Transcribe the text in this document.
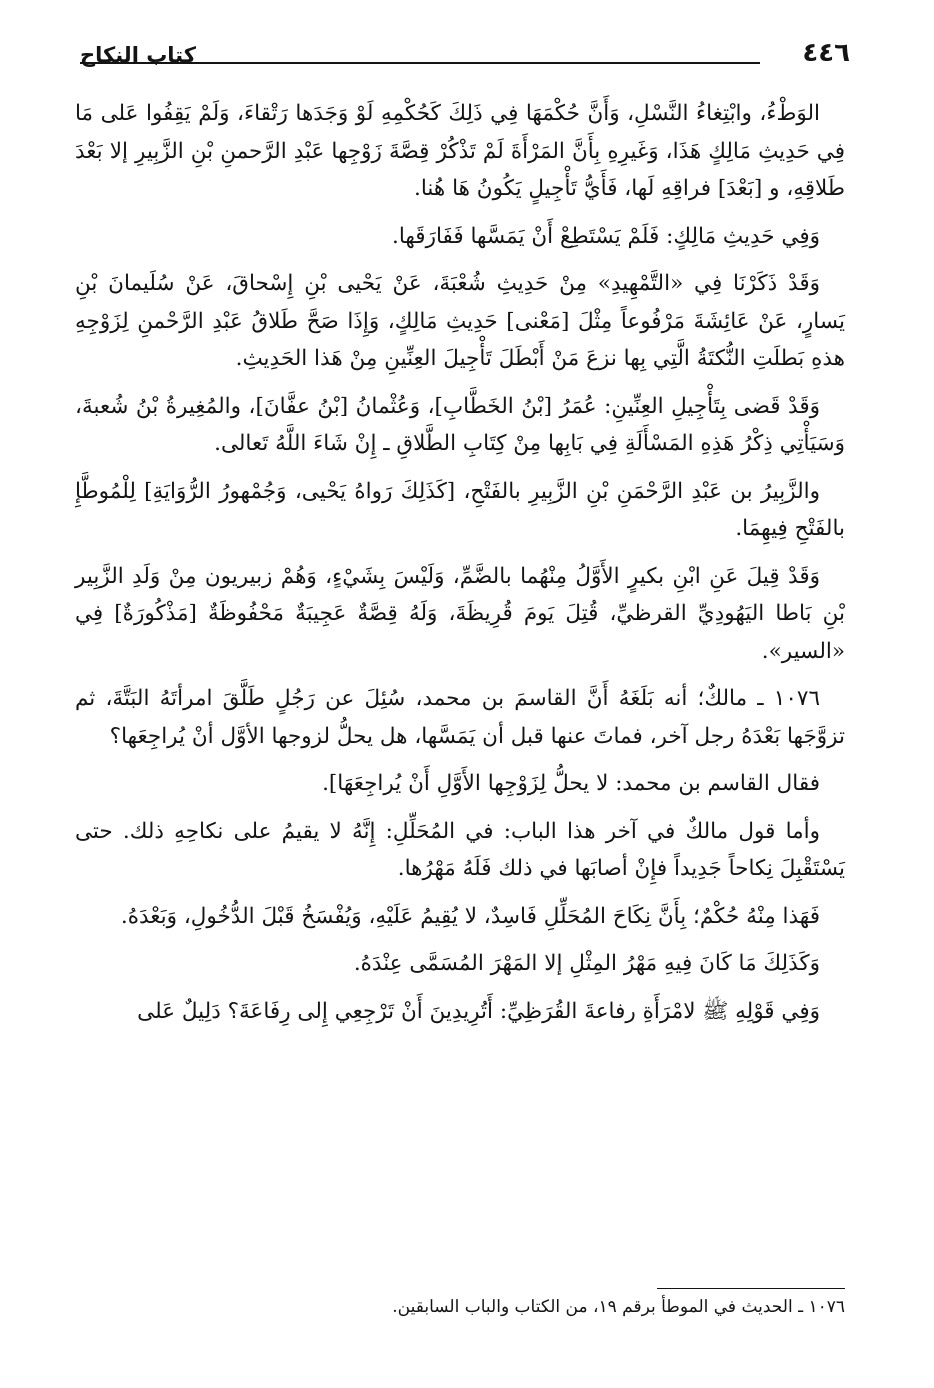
كتاب النكاح	٤٤٦

الوَطْءُ، وابْتِغاءُ النَّسْلِ، وَأَنَّ حُكْمَهَا فِي ذَلِكَ كَحُكْمِهِ لَوْ وَجَدَها رَتْقاءَ، وَلَمْ يَقِفُوا عَلى مَا فِي حَدِيثِ مَالِكٍ هَذَا، وَغَيرِهِ بِأَنَّ المَرْأَةَ لَمْ تَذْكُرْ قِصَّةَ زَوْجِها عَبْدِ الرَّحمنِ بْنِ الزَّبِيرِ إلا بَعْدَ طَلاقِهِ، و [بَعْدَ] فراقِهِ لَها، فَأَيُّ تَأْجِيلٍ يَكُونُ هَا هُنا.

وَفِي حَدِيثِ مَالِكٍ: فَلَمْ يَسْتَطِعْ أَنْ يَمَسَّها فَفَارَقَها.

وَقَدْ ذَكَرْنَا فِي «التَّمْهِيدِ» مِنْ حَدِيثِ شُعْبَةَ، عَنْ يَحْيى بْنِ إِسْحاقَ، عَنْ سُلَيمانَ بْنِ يَسارٍ، عَنْ عَائِشَةَ مَرْفُوعاً مِثْلَ [مَعْنى] حَدِيثِ مَالِكٍ، وَإِذَا صَحَّ طَلاقُ عَبْدِ الرَّحْمنِ لِزَوْجِهِ هذهِ بَطلَتِ النُّكتَةُ الَّتِي بِها نزعَ مَنْ أَبْطَلَ تَأْجِيلَ العِنِّينِ مِنْ هَذا الحَدِيثِ.

وَقَدْ قَضى بِتَأْجِيلِ العِنِّينِ: عُمَرُ [بْنُ الخَطَّابِ]، وَعُثْمانُ [بْنُ عفَّانَ]، والمُغِيرةُ بْنُ شُعبةَ، وَسَيَأْتِي ذِكْرُ هَذِهِ المَسْأَلَةِ فِي بَابِها مِنْ كِتَابِ الطَّلاقِ ـ إِنْ شَاءَ اللَّهُ تَعالى.

والزَّبِيرُ بن عَبْدِ الرَّحْمَنِ بْنِ الزَّبِيرِ بالفَتْحِ، [كَذَلِكَ رَواهُ يَحْيى، وَجُمْهورُ الرُّوَايَةِ] لِلْمُوطَّإِ بالفَتْحِ فِيهِمَا.

وَقَدْ قِيلَ عَنِ ابْنِ بكيرٍ الأَوَّلُ مِنْهُما بالضَّمِّ، وَلَيْسَ بِشَيْءٍ، وَهُمْ زبيريون مِنْ وَلَدِ الزَّبِير بْنِ بَاطا اليَهُودِيِّ القرظيِّ، قُتِلَ يَومَ قُرِيظَةَ، وَلَهُ قِصَّةٌ عَجِيبَةٌ مَحْفُوظَةٌ [مَذْكُورَةٌ] فِي «السير».

١٠٧٦ ـ مالكٌ؛ أنه بَلَغَهُ أَنَّ القاسمَ بن محمد، سُئِلَ عن رَجُلٍ طَلَّقَ امرأتَهُ البَتَّةَ، ثم تزوَّجَها بَعْدَهُ رجل آخر، فماتَ عنها قبل أن يَمَسَّها، هل يحلُّ لزوجها الأوَّل أنْ يُراجِعَها؟

فقال القاسم بن محمد: لا يحلُّ لِزَوْجِها الأَوَّلِ أَنْ يُراجِعَهَا].

وأما قول مالكٌ في آخر هذا الباب: في المُحَلِّلِ: إِنَّهُ لا يقيمُ على نكاحِهِ ذلك. حتى يَسْتَقْبِلَ نِكاحاً جَدِيداً فإِنْ أصابَها في ذلك فَلَهُ مَهْرُها.

فَهَذا مِنْهُ حُكْمٌ؛ بِأَنَّ نِكَاحَ المُحَلِّلِ فَاسِدٌ، لا يُقِيمُ عَلَيْهِ، وَيُفْسَخُ قَبْلَ الدُّخُولِ، وَبَعْدَهُ.

وَكَذَلِكَ مَا كَانَ فِيهِ مَهْرُ المِثْلِ إلا المَهْرَ المُسَمَّى عِنْدَهُ.

وَفِي قَوْلِهِ ﷺ لامْرَأَةِ رفاعةَ القُرَظِيِّ: أَتُرِيدِينَ أَنْ تَرْجِعِي إِلى رِفَاعَةَ؟ دَلِيلٌ عَلى

١٠٧٦ ـ الحديث في الموطأ برقم ١٩، من الكتاب والباب السابقين.
